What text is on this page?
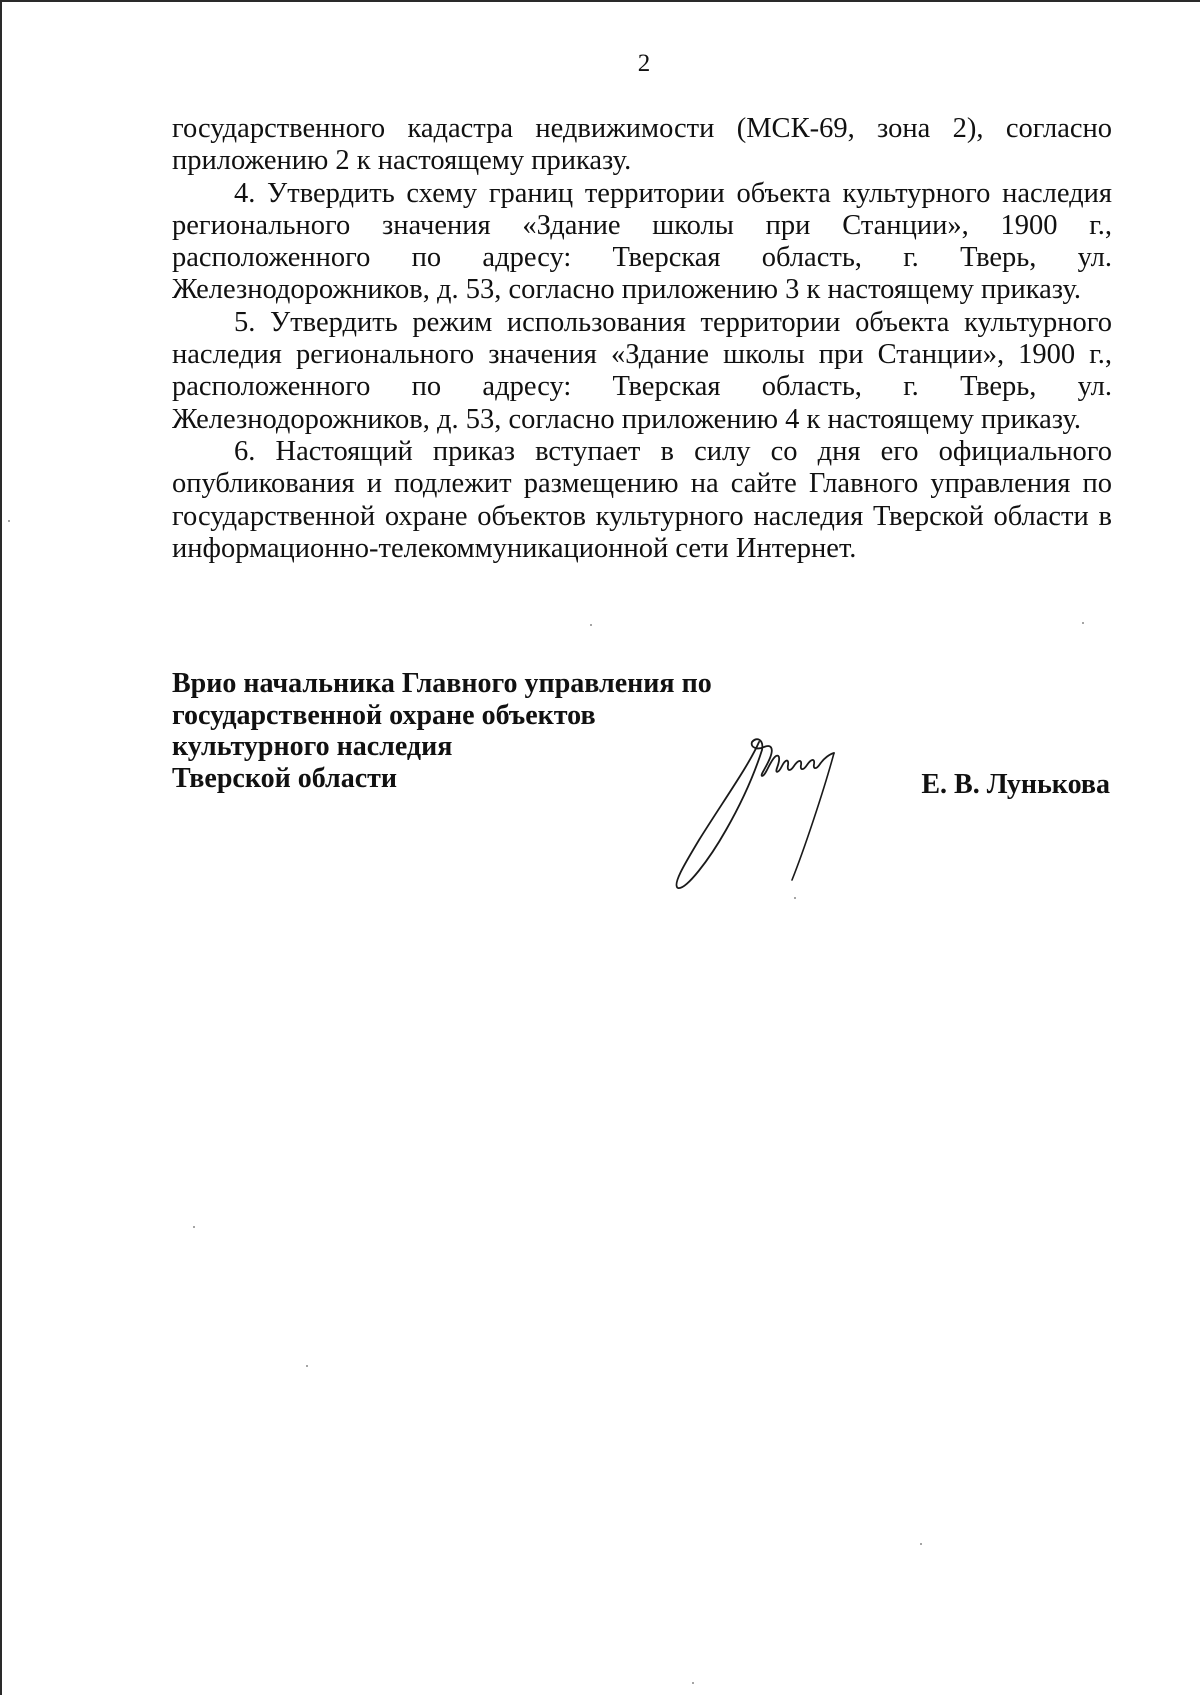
2

государственного кадастра недвижимости (МСК-69, зона 2), согласно приложению 2 к настоящему приказу.

4. Утвердить схему границ территории объекта культурного наследия регионального значения «Здание школы при Станции», 1900 г., расположенного по адресу: Тверская область, г. Тверь, ул. Железнодорожников, д. 53, согласно приложению 3 к настоящему приказу.

5. Утвердить режим использования территории объекта культурного наследия регионального значения «Здание школы при Станции», 1900 г., расположенного по адресу: Тверская область, г. Тверь, ул. Железнодорожников, д. 53, согласно приложению 4 к настоящему приказу.

6. Настоящий приказ вступает в силу со дня его официального опубликования и подлежит размещению на сайте Главного управления по государственной охране объектов культурного наследия Тверской области в информационно-телекоммуникационной сети Интернет.

Врио начальника Главного управления по
государственной охране объектов
культурного наследия
Тверской области	Е. В. Лунькова
